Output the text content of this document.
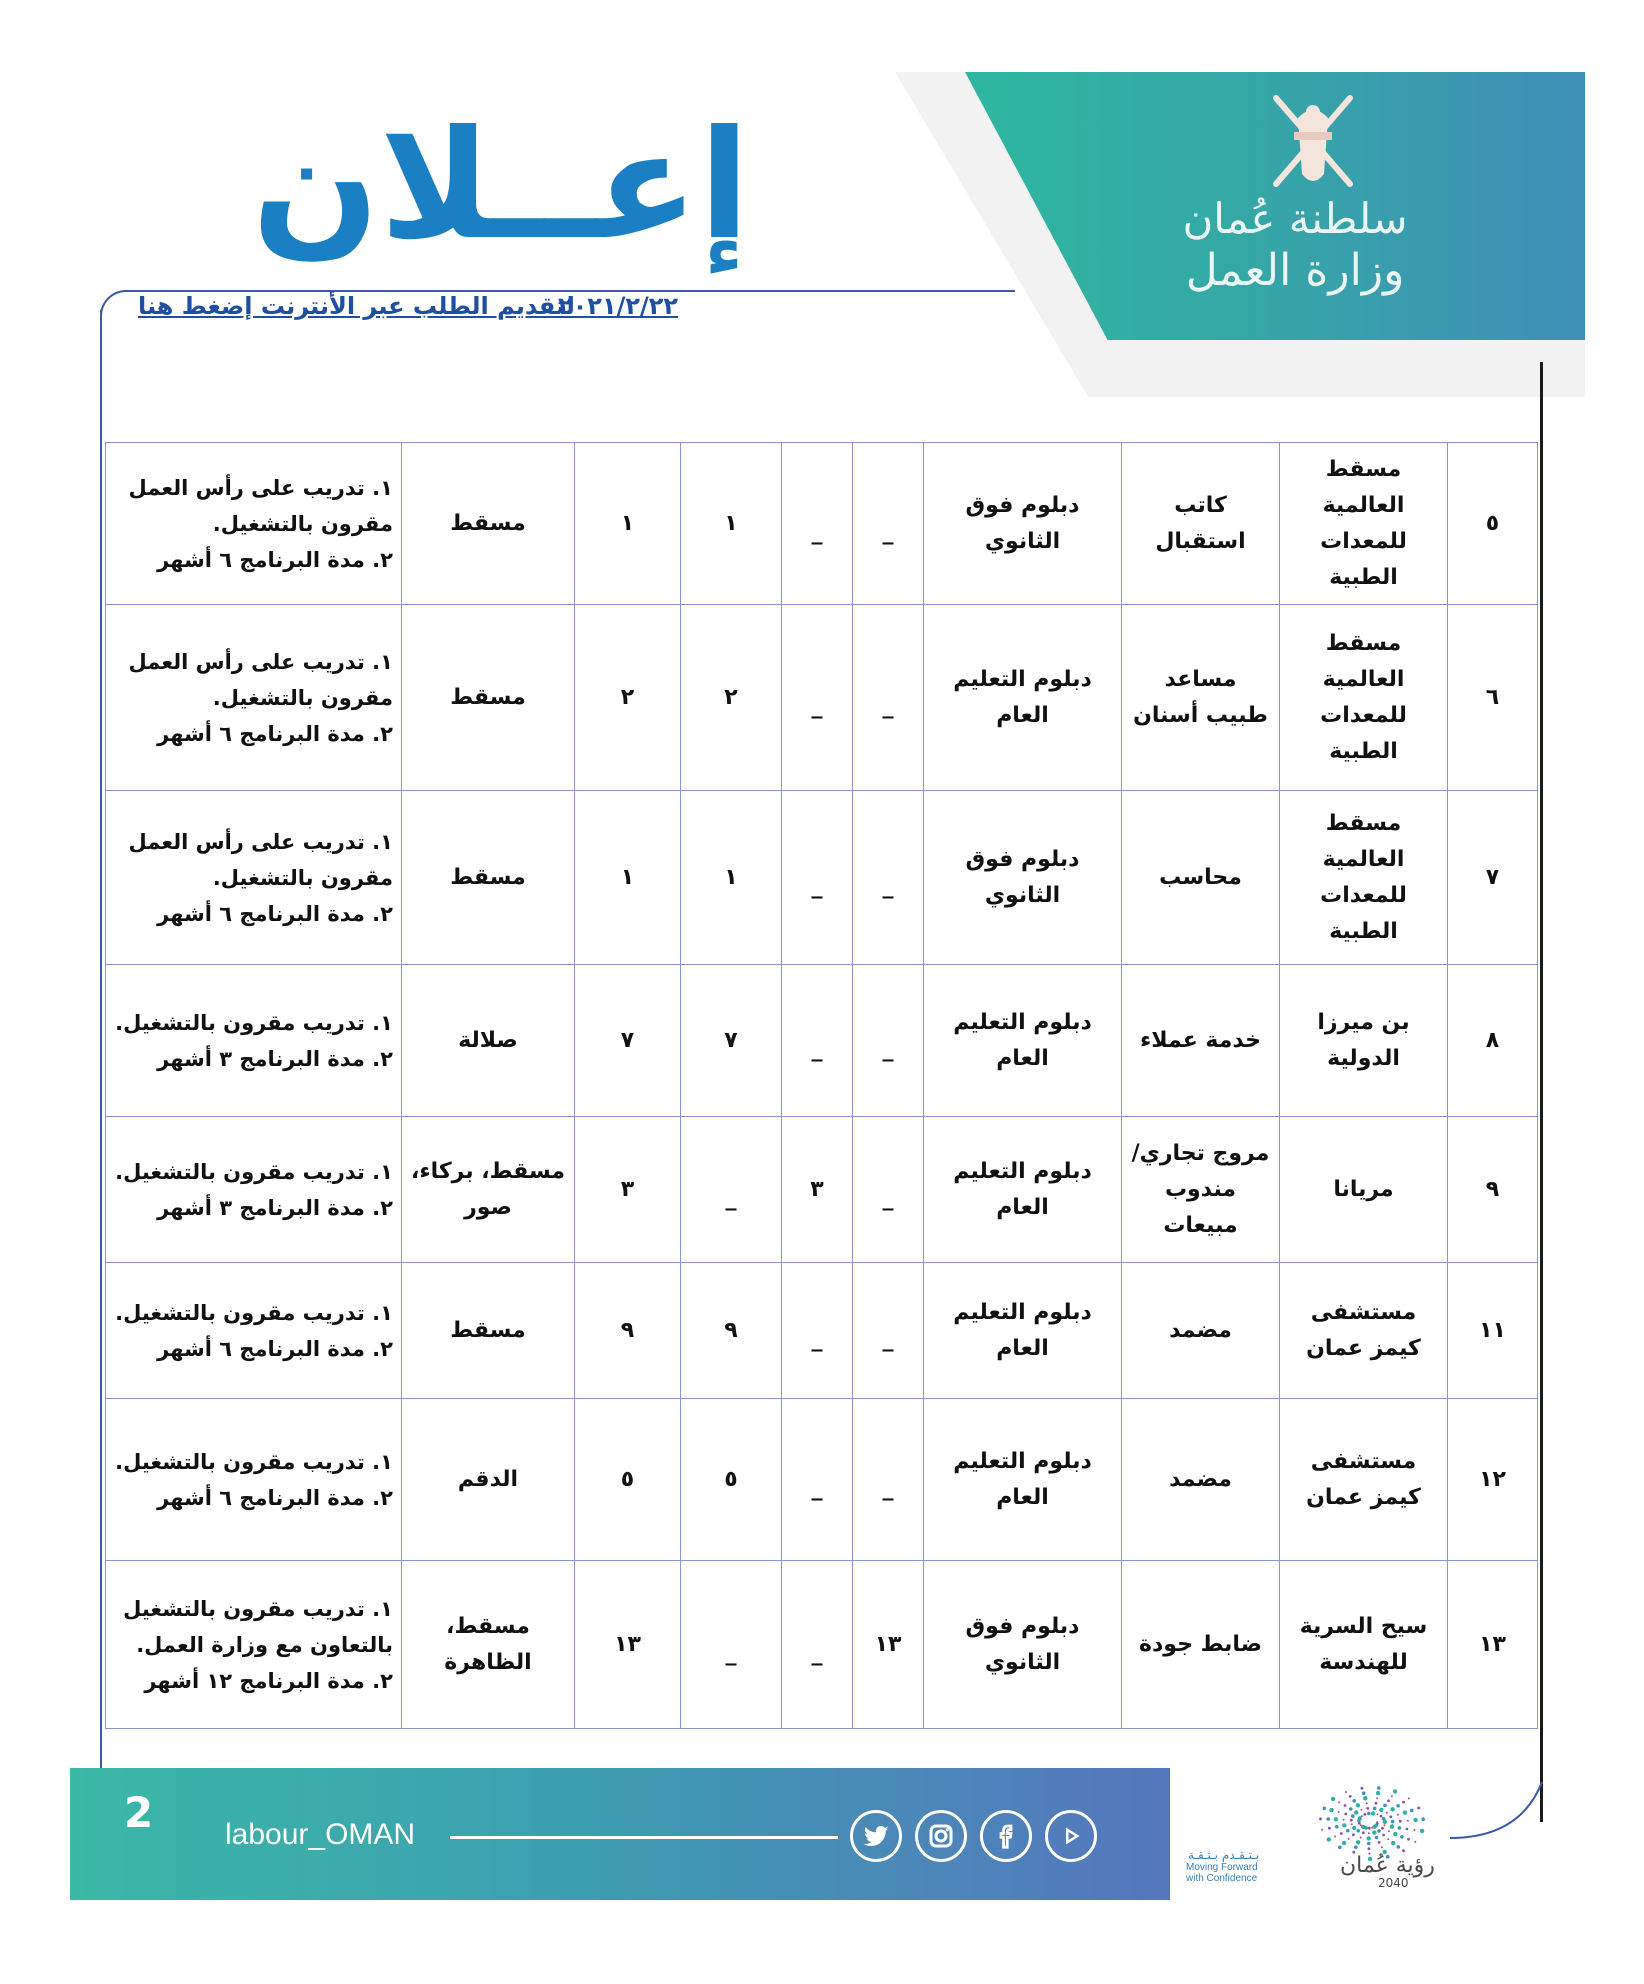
سلطنة عُمان
وزارة العمل
إعــلان
لتقديم الطلب عبر الأنترنت إضغط هنا
٢٠٢١/٢/٢٢
٥	مسقط العالمية للمعدات الطبية	كاتب استقبال	دبلوم فوق الثانوي	_	_	١	١	مسقط	١. تدريب على رأس العمل مقرون بالتشغيل.
٢. مدة البرنامج ٦ أشهر

٦	مسقط العالمية للمعدات الطبية	مساعد طبيب أسنان	دبلوم التعليم العام	_	_	٢	٢	مسقط	١. تدريب على رأس العمل مقرون بالتشغيل.
٢. مدة البرنامج ٦ أشهر

٧	مسقط العالمية للمعدات الطبية	محاسب	دبلوم فوق الثانوي	_	_	١	١	مسقط	١. تدريب على رأس العمل مقرون بالتشغيل.
٢. مدة البرنامج ٦ أشهر

٨	بن ميرزا الدولية	خدمة عملاء	دبلوم التعليم العام	_	_	٧	٧	صلالة	١. تدريب مقرون بالتشغيل.
٢. مدة البرنامج ٣ أشهر

٩	مريانا	مروج تجاري/ مندوب مبيعات	دبلوم التعليم العام	_	٣	_	٣	مسقط، بركاء، صور	١. تدريب مقرون بالتشغيل.
٢. مدة البرنامج ٣ أشهر

١١	مستشفى كيمز عمان	مضمد	دبلوم التعليم العام	_	_	٩	٩	مسقط	١. تدريب مقرون بالتشغيل.
٢. مدة البرنامج ٦ أشهر

١٢	مستشفى كيمز عمان	مضمد	دبلوم التعليم العام	_	_	٥	٥	الدقم	١. تدريب مقرون بالتشغيل.
٢. مدة البرنامج ٦ أشهر

١٣	سيح السرية للهندسة	ضابط جودة	دبلوم فوق الثانوي	١٣	_	_	١٣	مسقط، الظاهرة	١. تدريب مقرون بالتشغيل بالتعاون مع وزارة العمل.
٢. مدة البرنامج ١٢ أشهر
2 labour_OMAN
رؤية عُمان
2040
بـتـقـدم بـثـقـة
Moving Forward with Confidence
